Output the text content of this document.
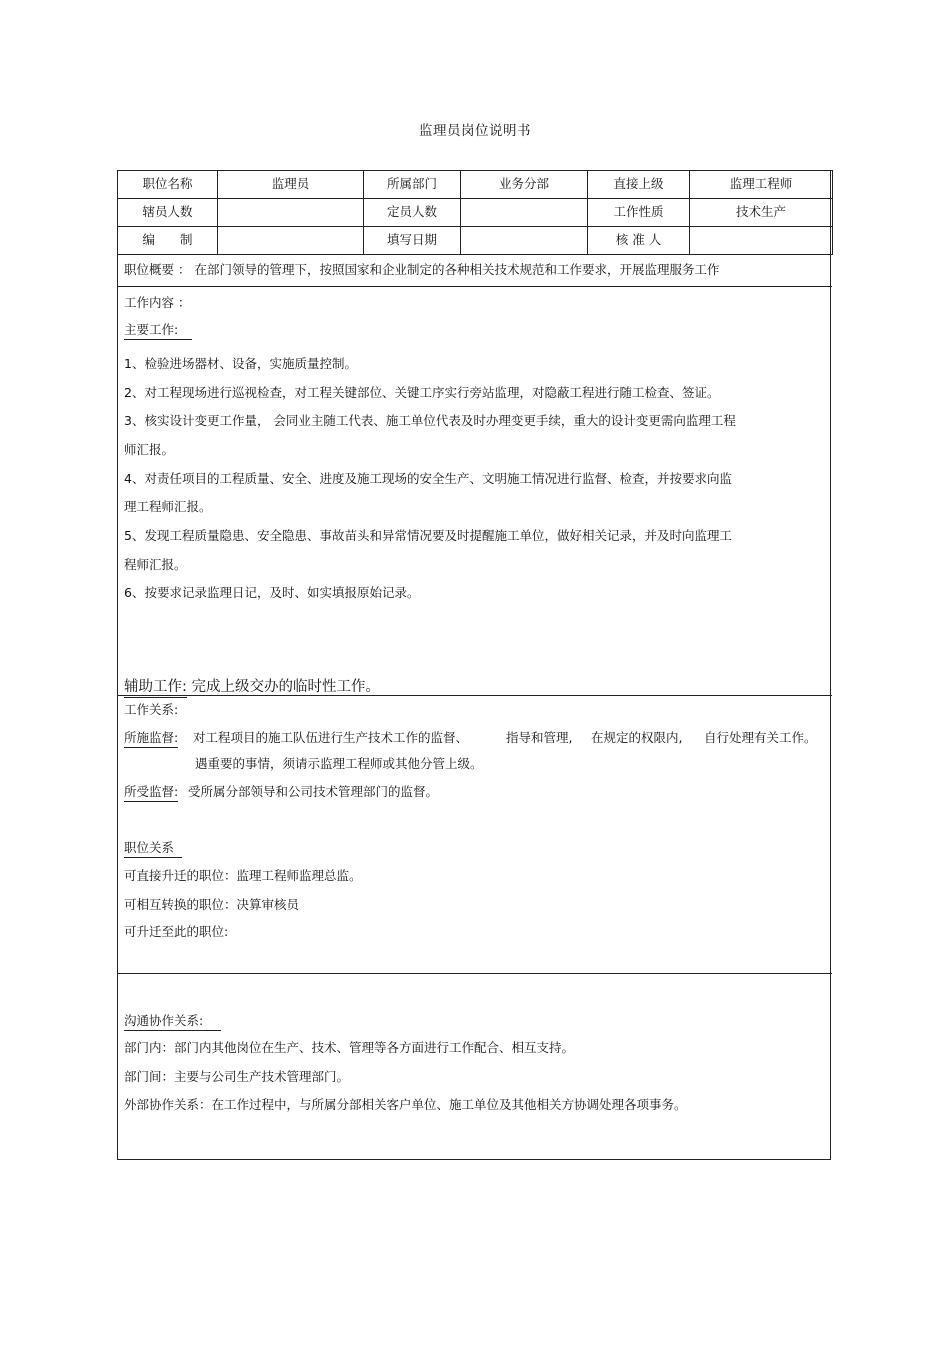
监理员岗位说明书
职位名称	监理员	所属部门	业务分部	直接上级	监理工程师
辖员人数		定员人数		工作性质	技术生产
编　　制		填写日期		核 准 人	
职位概要 ： 在部门领导的管理下，按照国家和企业制定的各种相关技术规范和工作要求，开展监理服务工作
工作内容 ：
主要工作:
1、检验进场器材、设备，实施质量控制。
2、对工程现场进行巡视检查，对工程关键部位、关键工序实行旁站监理，对隐蔽工程进行随工检查、签证。
3、核实设计变更工作量， 会同业主随工代表、施工单位代表及时办理变更手续，重大的设计变更需向监理工程
师汇报。
4、对责任项目的工程质量、安全、进度及施工现场的安全生产、文明施工情况进行监督、检查，并按要求向监
理工程师汇报。
5、发现工程质量隐患、安全隐患、事故苗头和异常情况要及时提醒施工单位，做好相关记录，并及时向监理工
程师汇报。
6、按要求记录监理日记，及时、如实填报原始记录。
辅助工作: 完成上级交办的临时性工作。
工作关系:
所施监督: 对工程项目的施工队伍进行生产技术工作的监督、	指导和管理, 在规定的权限内, 自行处理有关工作。
遇重要的事情，须请示监理工程师或其他分管上级。
所受监督: 受所属分部领导和公司技术管理部门的监督。
职位关系
可直接升迁的职位：监理工程师监理总监。
可相互转换的职位：决算审核员
可升迁至此的职位:
沟通协作关系:
部门内：部门内其他岗位在生产、技术、管理等各方面进行工作配合、相互支持。
部门间：主要与公司生产技术管理部门。
外部协作关系：在工作过程中，与所属分部相关客户单位、施工单位及其他相关方协调处理各项事务。
